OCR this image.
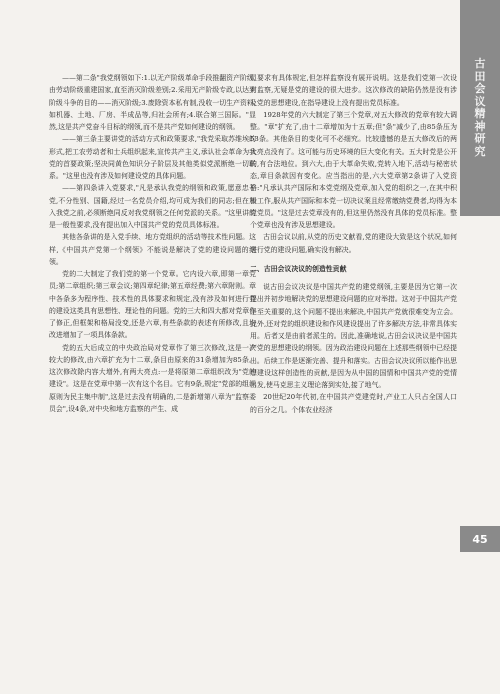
古田会议精神研究
45

——第二条"我党纲领如下:1.以无产阶级革命手段推翻资产阶级,由劳动阶级重建国家,直至消灭阶级差别;2.采用无产阶级专政,以达到阶级斗争的目的——消灭阶级;3.废除资本私有制,没收一切生产资料,如机器、土地、厂房、半成品等,归社会所有;4.联合第三国际。"显然,这是共产党奋斗目标的纲领,而不是共产党如何建设的纲领。

——第三条主要讲党的活动方式和政策要求,"我党采取苏维埃的形式,把工农劳动者和士兵组织起来,宣传共产主义,承认社会革命为我党的首要政策;坚决同黄色知识分子阶层及其他类似党派断绝一切联系。"这里也没有涉及如何建设党的具体问题。

——第四条讲入党要求,"凡是承认我党的纲领和政策,愿意忠于党,不分性别、国籍,经过一名党员介绍,均可成为我们的同志;但在加入我党之前,必须断绝同反对我党纲领之任何党派的关系。"这里讲的是一般性要求,没有提出加入中国共产党的党员具体标准。

其他各条讲的是入党手续、地方党组织的活动等技术性问题。这样,《中国共产党第一个纲领》不能说是解决了党的建设问题的纲领。

党的二大制定了我们党的第一个党章。它内设六章,即第一章党员;第二章组织;第三章会议;第四章纪律;第五章经费;第六章附则。章中各条多为程序性、技术性的具体要求和规定,没有涉及如何进行党的建设这类具有思想性、理论性的问题。党的三大和四大都对党章作了修正,但框架和格局没变,还是六章,有些条款的表述有所修改,且均改进增加了一项具体条款。

党的五大后成立的中央政治局对党章作了第三次修改,这是一次较大的修改,由六章扩充为十二章,条目由原来的31条增加为85条。这次修改除内容大增外,有两大亮点:一是将原第二章组织改为"党的建设"。这是在党章中第一次有这个名目。它有9条,规定"党部的组织原则为民主集中制",这是过去没有明确的,二是新增第八章为"监察委员会",设4条,对中央和地方监察的产生、成

员要求有具体规定,但怎样监察没有展开说明。这是我们党第一次设有监察,无疑是党的建设的很大进步。这次修改的缺陷仍然是没有涉及党的思想建设,在指导建设上没有提出党员标准。

1928年党的六大制定了第三个党章,对五大修改的党章有较大调整。"章"扩充了,由十二章增加为十五章;但"条"减少了,由85条压为53条。其他条目的变化可不必细究。比较遗憾的是五大修改后的两大亮点没有了。这可能与历史环境的巨大变化有关。五大时党是公开的,有合法地位。到六大,由于大革命失败,党转入地下,活动与秘密状态,章目条款因有变化。应当指出的是,六大党章第2条讲了入党资格:"凡承认共产国际和本党党纲及党章,加入党的组织之一,在其中积极工作,服从共产国际和本党一切决议案且经常缴纳党费者,均得为本党党员。"这是过去党章没有的,但这里仍然没有具体的党员标准。整个党章也没有涉及思想建设。

古田会议以前,从党的历史文献看,党的建设大致是这个状况,如何进行党的建设问题,确实没有解决。

二、古田会议决议的创造性贡献

说古田会议决议是中国共产党的建党纲领,主要是因为它第一次提出并初步地解决党的思想建设问题的应对举措。这对于中国共产党是至关重要的,这个问题不提出来解决,中国共产党就很难变为立会。此外,还对党的组织建设和作风建设提出了许多解决方法,非常具体实用。后者又是由前者派生的。因此,准确地说,古田会议决议是中国共产党的思想建设的纲领。因为政治建设问题在上述那些纲领中已经提出。后续工作是逐渐完善、提升和落实。古田会议决议所以能作出思想建设这样创造性的贡献,是因为从中国的国情和中国共产党的党情出发,使马克思主义理论落到实处,接了地气。

20世纪20年代初,在中国共产党建党时,产业工人只占全国人口的百分之几。个体农业经济
